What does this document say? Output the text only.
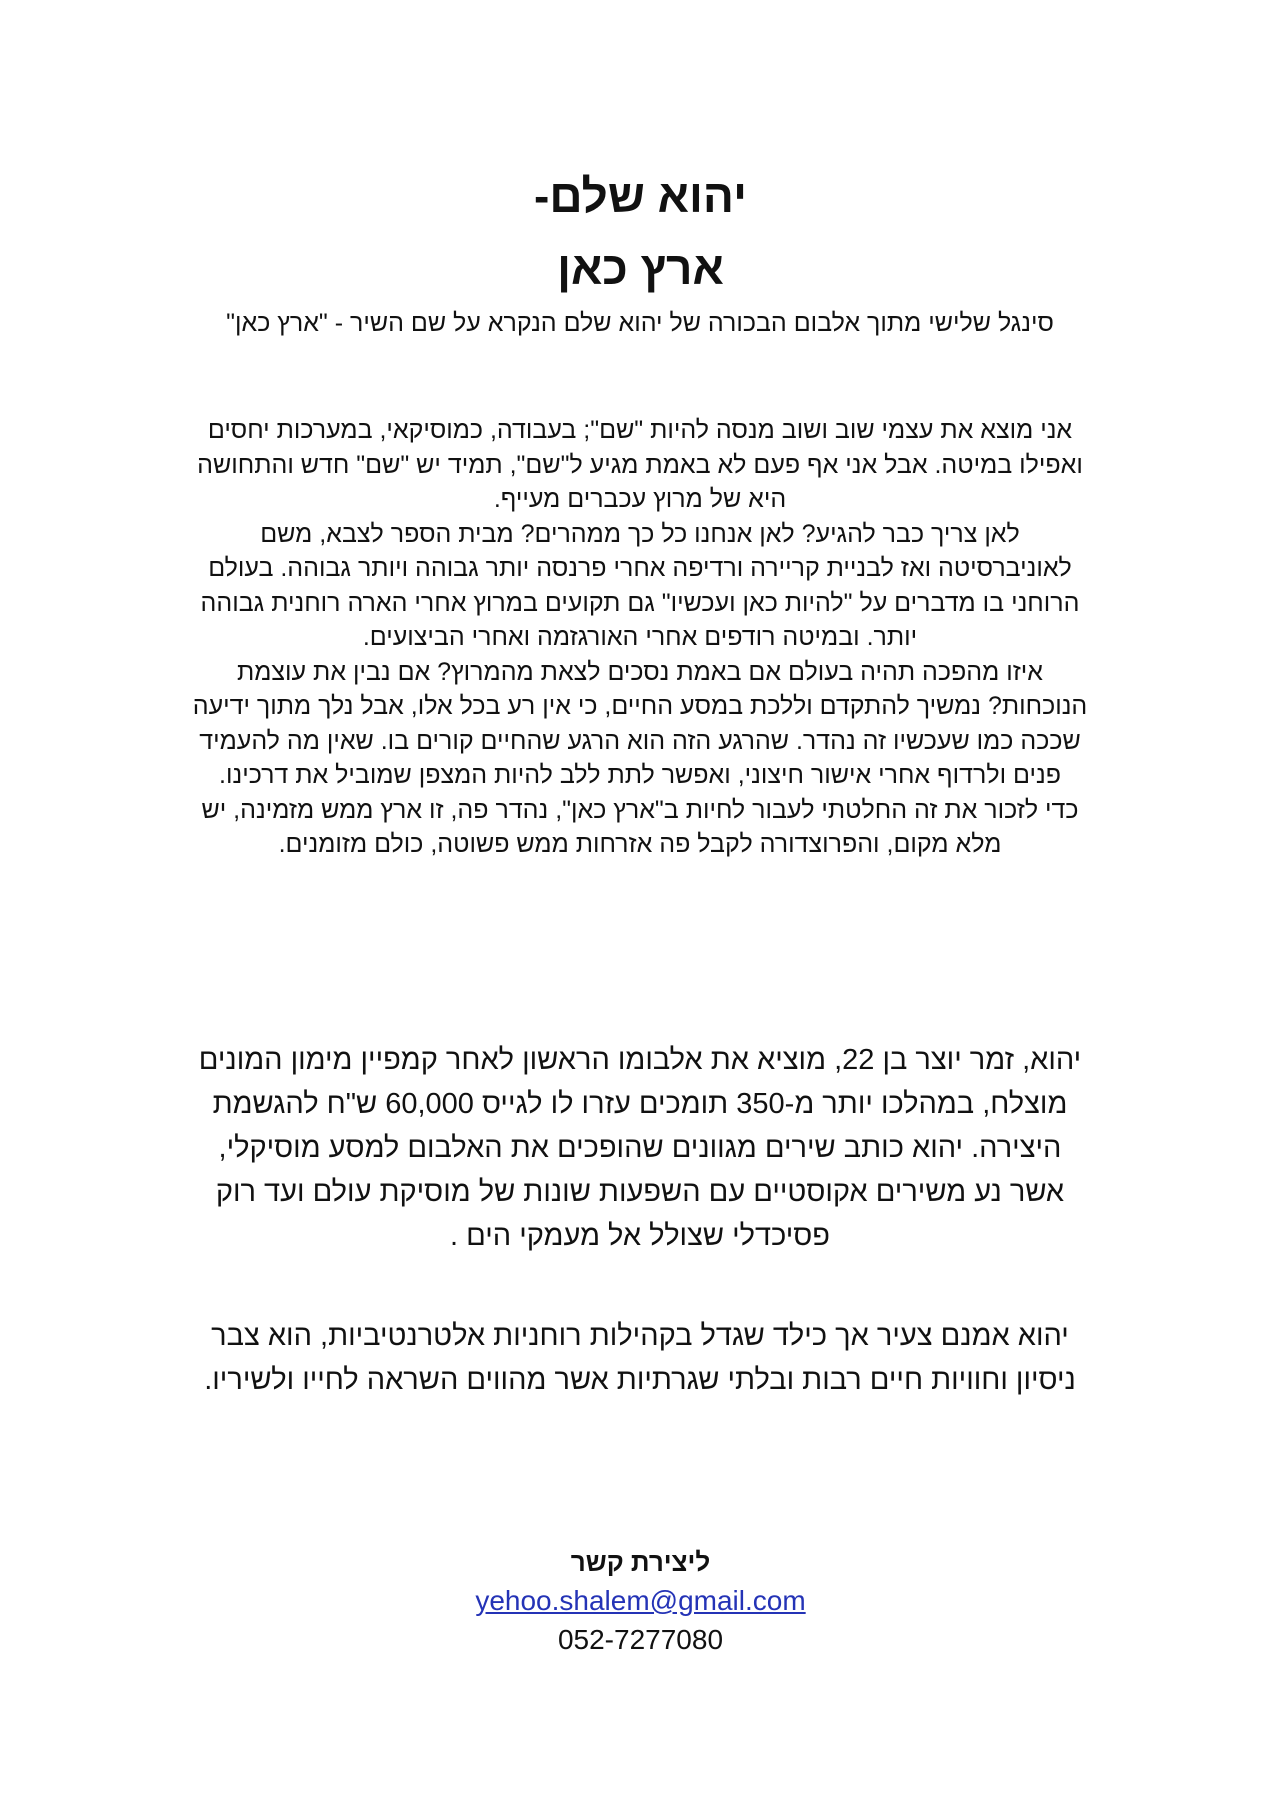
יהוא שלם-
ארץ כאן

סינגל שלישי מתוך אלבום הבכורה של יהוא שלם הנקרא על שם השיר - "ארץ כאן"

אני מוצא את עצמי שוב ושוב מנסה להיות "שם"; בעבודה, כמוסיקאי, במערכות יחסים ואפילו במיטה. אבל אני אף פעם לא באמת מגיע ל"שם", תמיד יש "שם" חדש והתחושה היא של מרוץ עכברים מעייף.

לאן צריך כבר להגיע? לאן אנחנו כל כך ממהרים? מבית הספר לצבא, משם לאוניברסיטה ואז לבניית קריירה ורדיפה אחרי פרנסה יותר גבוהה ויותר גבוהה. בעולם הרוחני בו מדברים על "להיות כאן ועכשיו" גם תקועים במרוץ אחרי הארה רוחנית גבוהה יותר. ובמיטה רודפים אחרי האורגזמה ואחרי הביצועים.

איזו מהפכה תהיה בעולם אם באמת נסכים לצאת מהמרוץ? אם נבין את עוצמת הנוכחות? נמשיך להתקדם וללכת במסע החיים, כי אין רע בכל אלו, אבל נלך מתוך ידיעה שככה כמו שעכשיו זה נהדר. שהרגע הזה הוא הרגע שהחיים קורים בו. שאין מה להעמיד פנים ולרדוף אחרי אישור חיצוני, ואפשר לתת ללב להיות המצפן שמוביל את דרכינו.

כדי לזכור את זה החלטתי לעבור לחיות ב"ארץ כאן", נהדר פה, זו ארץ ממש מזמינה, יש מלא מקום, והפרוצדורה לקבל פה אזרחות ממש פשוטה, כולם מזומנים.

יהוא, זמר יוצר בן 22, מוציא את אלבומו הראשון לאחר קמפיין מימון המונים מוצלח, במהלכו יותר מ-350 תומכים עזרו לו לגייס 60,000 ש"ח להגשמת היצירה. יהוא כותב שירים מגוונים שהופכים את האלבום למסע מוסיקלי, אשר נע משירים אקוסטיים עם השפעות שונות של מוסיקת עולם ועד רוק פסיכדלי שצולל אל מעמקי הים .

יהוא אמנם צעיר אך כילד שגדל בקהילות רוחניות אלטרנטיביות, הוא צבר ניסיון וחוויות חיים רבות ובלתי שגרתיות אשר מהווים השראה לחייו ולשיריו.

ליצירת קשר

yehoo.shalem@gmail.com

052-7277080
